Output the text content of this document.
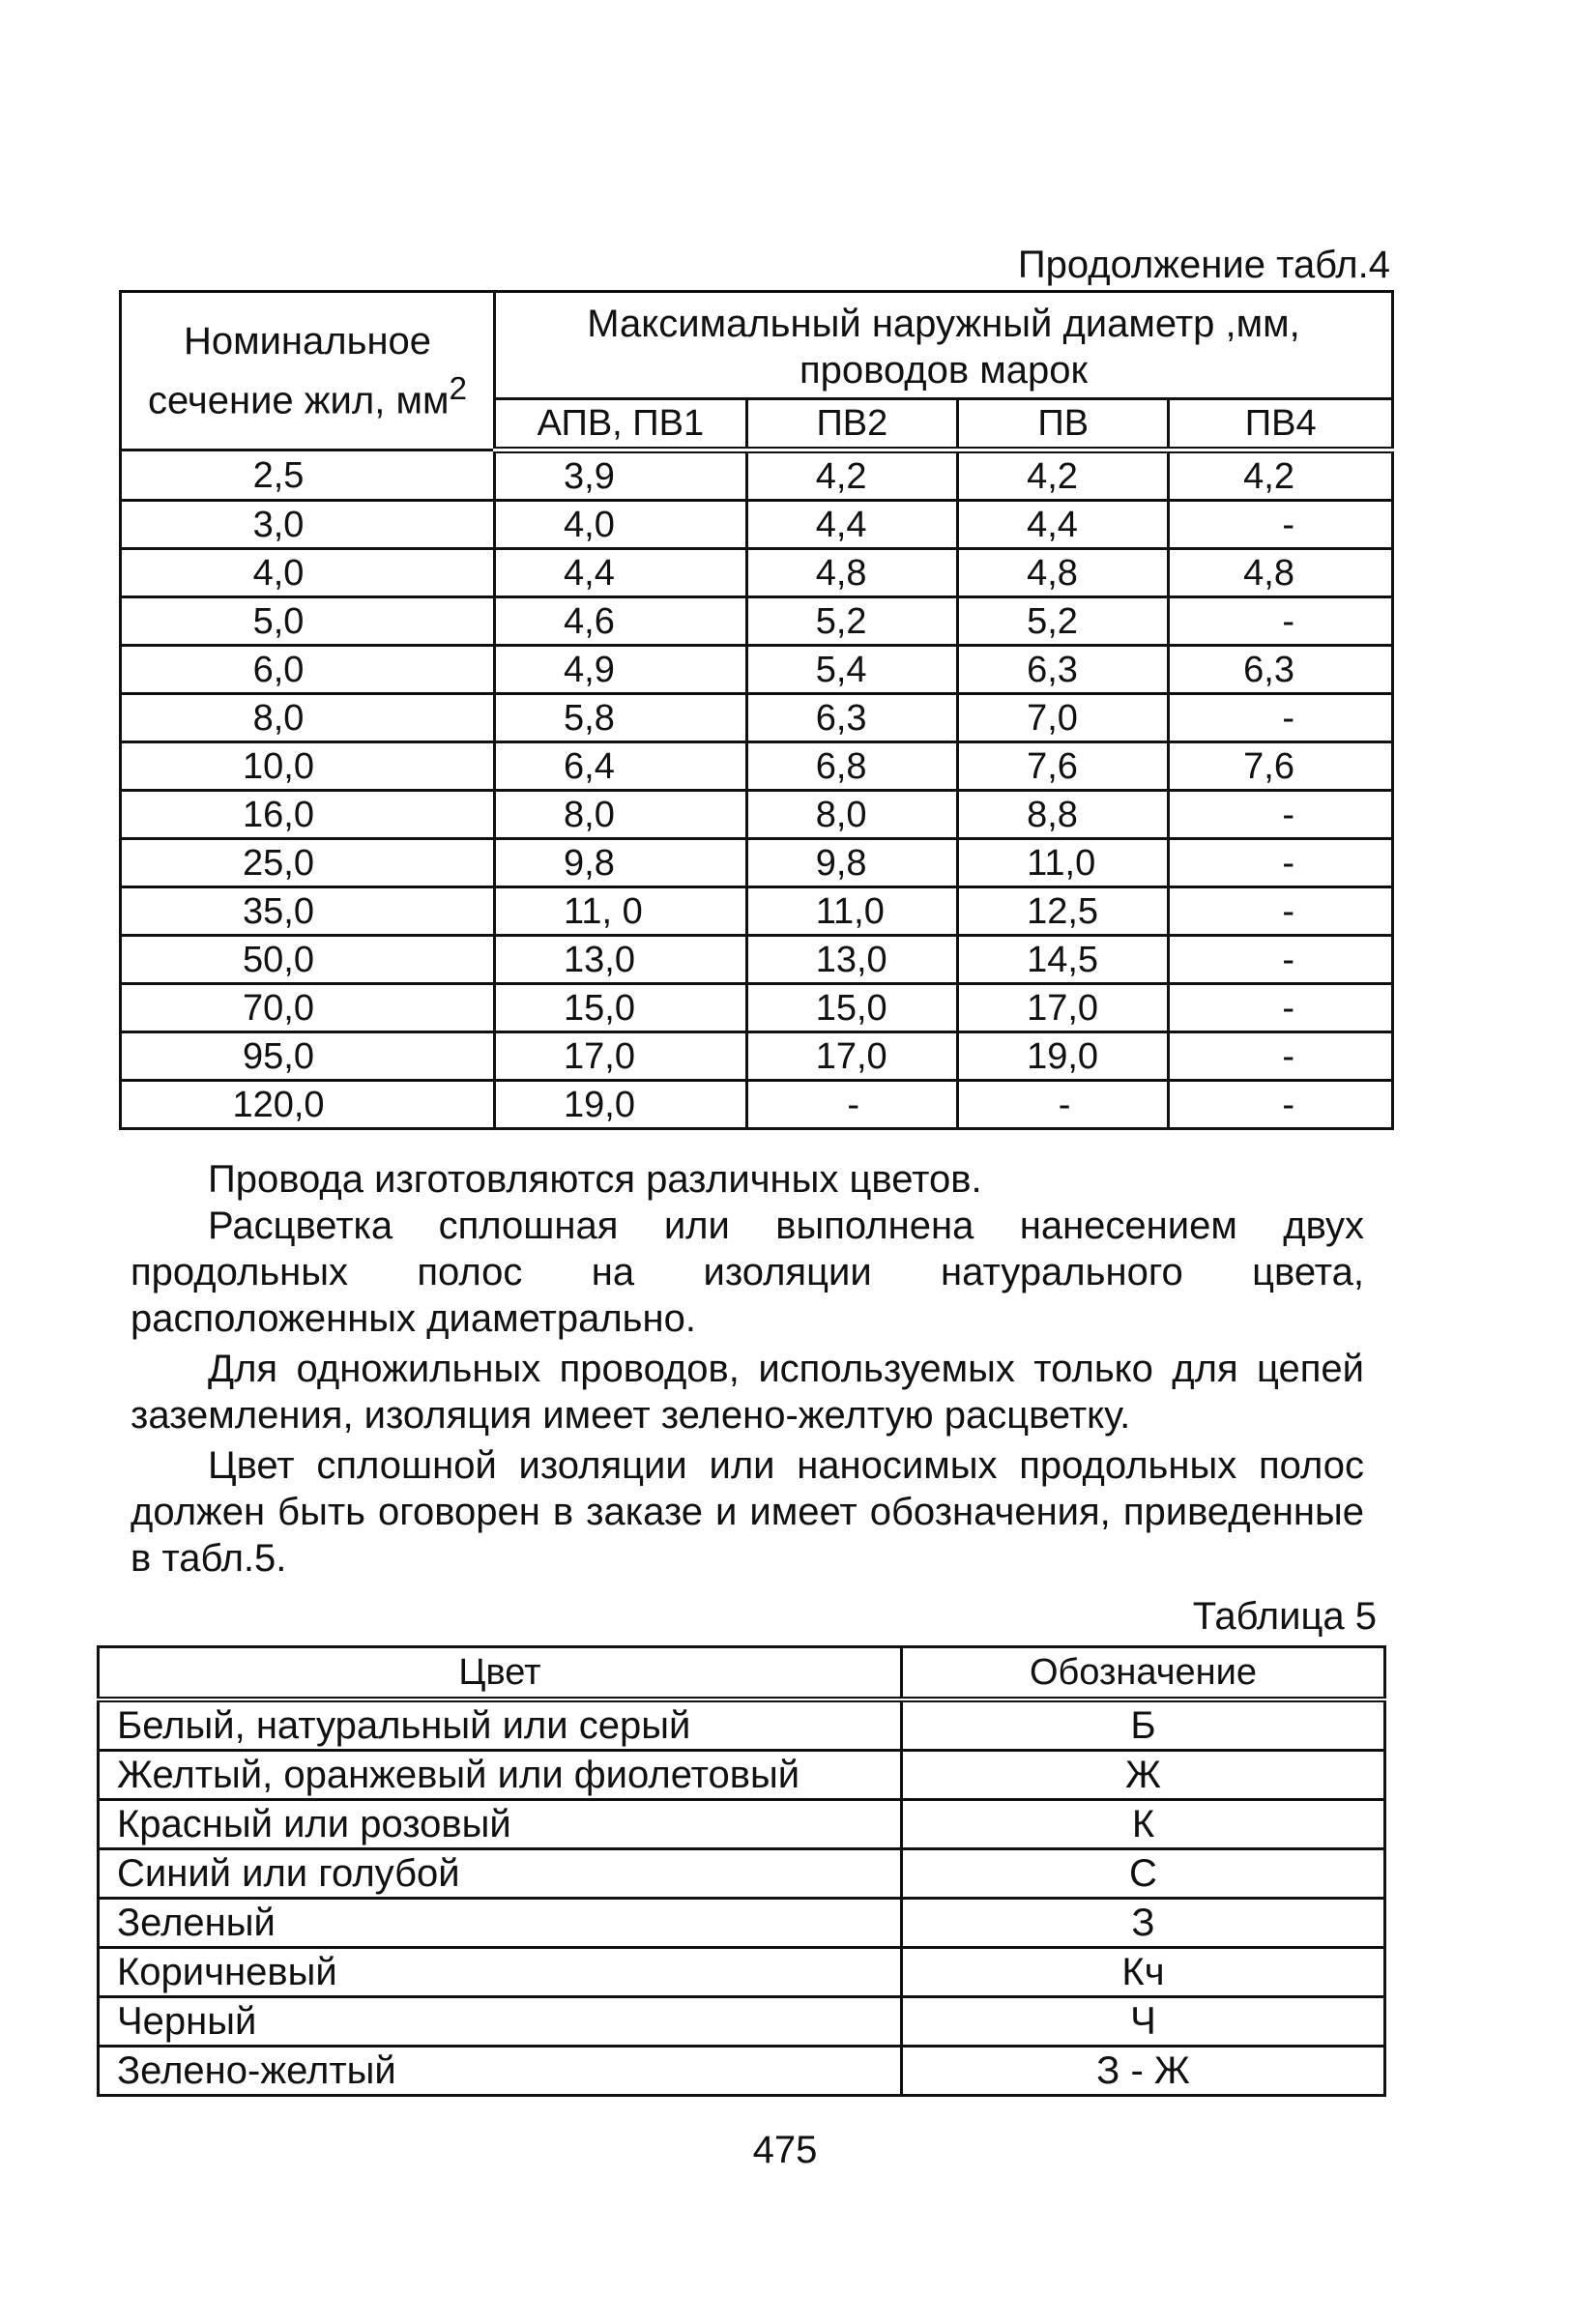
Продолжение табл.4
Номинальное
сечение жил, $мм^2$	Максимальный наружный диаметр ,мм,
проводов марок			
	АПВ, ПВ1	ПВ2	ПВ	ПВ4
2,5	3,9	4,2	4,2	4,2
3,0	4,0	4,4	4,4	-
4,0	4,4	4,8	4,8	4,8
5,0	4,6	5,2	5,2	-
6,0	4,9	5,4	6,3	6,3
8,0	5,8	6,3	7,0	-
10,0	6,4	6,8	7,6	7,6
16,0	8,0	8,0	8,8	-
25,0	9,8	9,8	11,0	-
35,0	11, 0	11,0	12,5	-
50,0	13,0	13,0	14,5	-
70,0	15,0	15,0	17,0	-
95,0	17,0	17,0	19,0	-
120,0	19,0	-	-	-

Провода изготовляются различных цветов.

Расцветка сплошная или выполнена нанесением двух продольных полос на изоляции натурального цвета, расположенных диаметрально.

Для одножильных проводов, используемых только для цепей заземления, изоляция имеет зелено-желтую расцветку.

Цвет сплошной изоляции или наносимых продольных полос должен быть оговорен в заказе и имеет обозначения, приведенные в табл.5.

Таблица 5
Цвет	Обозначение
Белый, натуральный или серый	Б
Желтый, оранжевый или фиолетовый	Ж
Красный или розовый	К
Синий или голубой	С
Зеленый	З
Коричневый	Кч
Черный	Ч
Зелено-желтый	З - Ж
475
